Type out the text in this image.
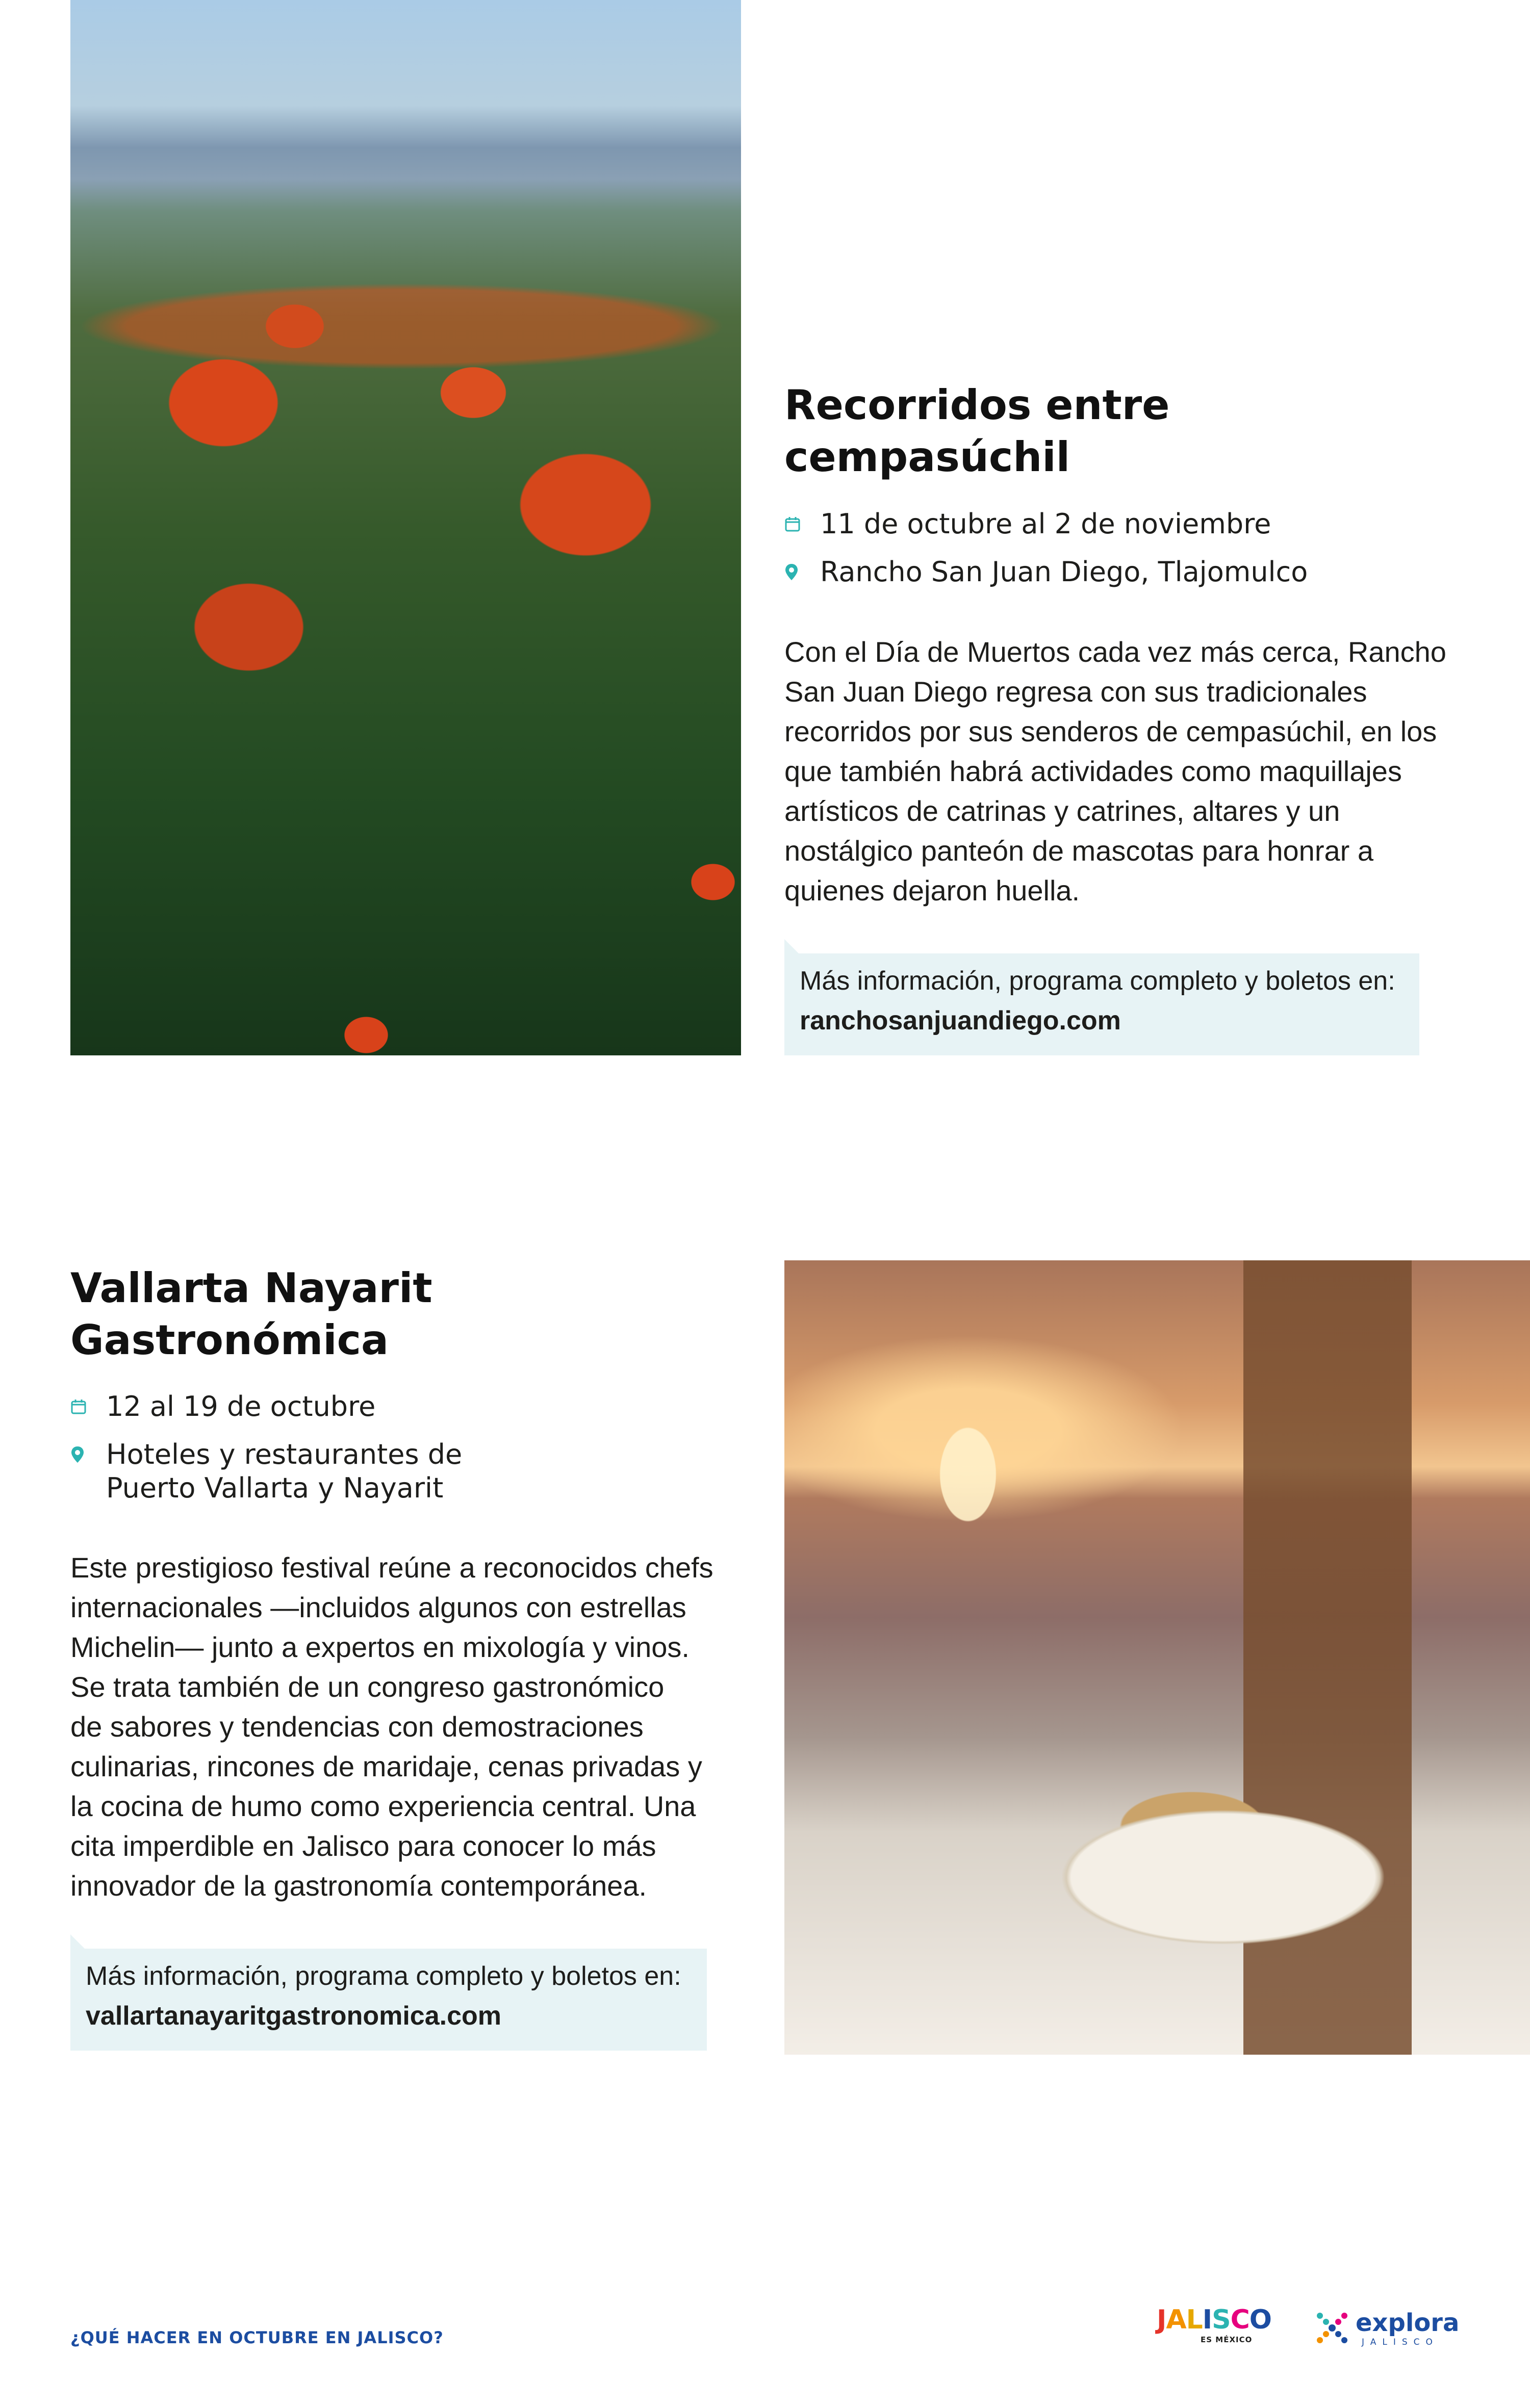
Recorridos entre
cempasúchil
11 de octubre al 2 de noviembre
Rancho San Juan Diego, Tlajomulco
Con el Día de Muertos cada vez más cerca, Rancho
San Juan Diego regresa con sus tradicionales
recorridos por sus senderos de cempasúchil, en los
que también habrá actividades como maquillajes
artísticos de catrinas y catrines, altares y un
nostálgico panteón de mascotas para honrar a
quienes dejaron huella.
Más información, programa completo y boletos en:
ranchosanjuandiego.com
Vallarta Nayarit
Gastronómica
12 al 19 de octubre
Hoteles y restaurantes de
Puerto Vallarta y Nayarit
Este prestigioso festival reúne a reconocidos chefs
internacionales —incluidos algunos con estrellas
Michelin— junto a expertos en mixología y vinos.
Se trata también de un congreso gastronómico
de sabores y tendencias con demostraciones
culinarias, rincones de maridaje, cenas privadas y
la cocina de humo como experiencia central. Una
cita imperdible en Jalisco para conocer lo más
innovador de la gastronomía contemporánea.
Más información, programa completo y boletos en:
vallartanayaritgastronomica.com
¿QUÉ HACER EN OCTUBRE EN JALISCO?
JALISCO
ES MÉXICO
explora
JALISCO
